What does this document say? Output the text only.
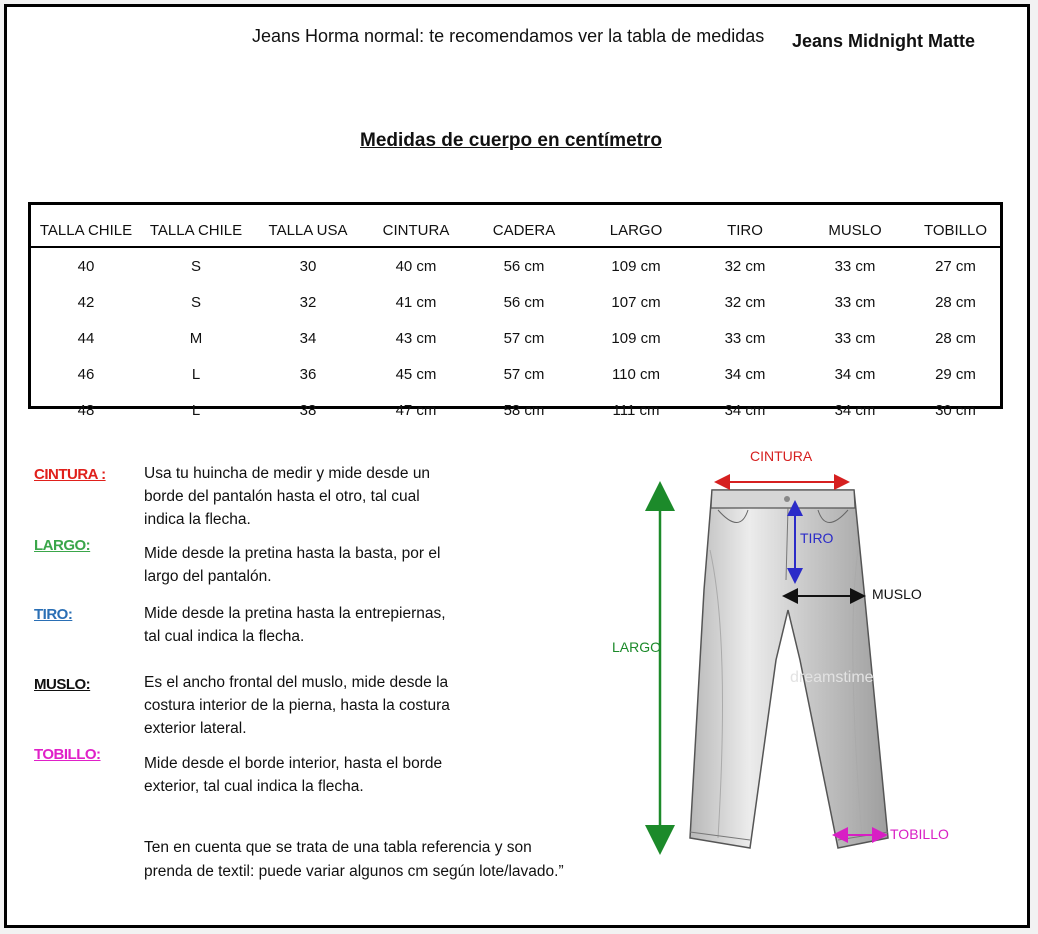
Jeans Horma normal: te recomendamos ver la tabla de medidas	Jeans Midnight Matte
Medidas de cuerpo en centímetro
TALLA CHILE	TALLA CHILE	TALLA USA	CINTURA	CADERA	LARGO	TIRO	MUSLO	TOBILLO
40	S	30	40 cm	56 cm	109 cm	32 cm	33 cm	27 cm
42	S	32	41 cm	56 cm	107 cm	32 cm	33 cm	28 cm
44	M	34	43 cm	57 cm	109 cm	33 cm	33 cm	28 cm
46	L	36	45 cm	57 cm	110 cm	34 cm	34 cm	29 cm
48	L	38	47 cm	58 cm	111 cm	34 cm	34 cm	30 cm
CINTURA : Usa tu huincha de medir y mide desde un borde del pantalón hasta el otro, tal cual indica la flecha.
LARGO:	Mide desde la pretina hasta la basta, por el largo del pantalón.
TIRO:	Mide desde la pretina hasta la entrepiernas, tal cual indica la flecha.
MUSLO:	Es el ancho frontal del muslo, mide desde la costura interior de la pierna, hasta la costura exterior lateral.
TOBILLO:
Mide desde el borde interior, hasta el borde exterior, tal cual indica la flecha.
Ten en cuenta que se trata de una tabla referencia y son prenda de textil: puede variar algunos cm según lote/lavado.”
dreamstime
CINTURA
TIRO
MUSLO
LARGO
TOBILLO
